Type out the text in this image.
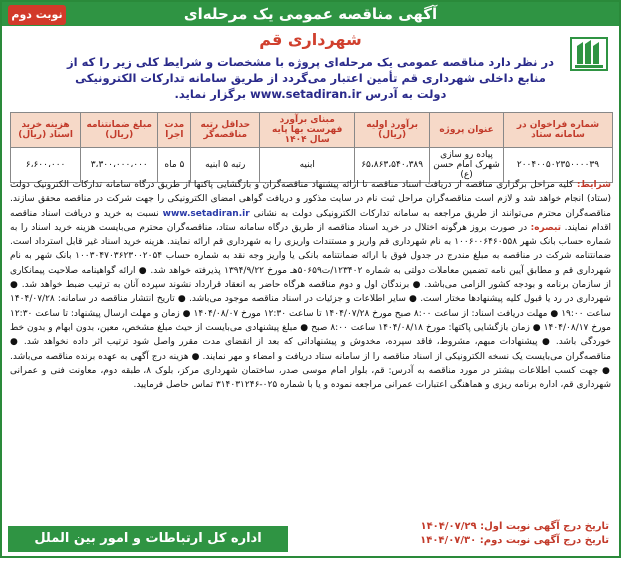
آگهی مناقصه عمومی یک مرحله‌ای
نوبت دوم
شهرداری قم
در نظر دارد مناقصه عمومی یک مرحله‌ای پروژه با مشخصات و شرایط کلی زیر را که از منابع داخلی شهرداری قم تأمین اعتبار می‌گردد از طریق سامانه تدارکات الکترونیکی دولت به آدرس www.setadiran.ir برگزار نماید.
شماره فراخوان در سامانه ستاد	عنوان پروژه	برآورد اولیه (ریال)	مبنای برآورد فهرست بها پایه سال ۱۴۰۴	حداقل رتبه مناقصه‌گر	مدت اجرا	مبلغ ضمانتنامه (ریال)	هزینه خرید اسناد (ریال)
۲۰۰۴۰۰۵۰۲۳۵۰۰۰۰۳۹	پیاده رو سازی شهرک امام حسن (ع)	۶۵،۸۶۳،۵۴۰،۳۸۹	ابنیه	رتبه ۵ ابنیه	۵ ماه	۳،۳۰۰،۰۰۰،۰۰۰	۶،۶۰۰،۰۰۰
شرایط: کلیه مراحل برگزاری مناقصه از دریافت اسناد مناقصه تا ارائه پیشنهاد مناقصه‌گران و بازگشایی پاکتها از طریق درگاه سامانه تدارکات الکترونیک دولت (ستاد) انجام خواهد شد و لازم است مناقصه‌گران مراحل ثبت نام در سایت مذکور و دریافت گواهی امضای الکترونیکی را جهت شرکت در مناقصه محقق سازند. مناقصه‌گران محترم می‌توانند از طریق مراجعه به سامانه تدارکات الکترونیکی دولت به نشانی www.setadiran.ir نسبت به خرید و دریافت اسناد مناقصه اقدام نمایند. تبصره: در صورت بروز هرگونه اختلال در خرید اسناد مناقصه از طریق درگاه سامانه ستاد، مناقصه‌گران محترم می‌بایست هزینه خرید اسناد را به شماره حساب بانک شهر ۱۰۰۶۰۰۶۴۶۰۵۵۸ به نام شهرداری قم واریز و مستندات واریزی را به شهرداری قم ارائه نمایند. هزینه خرید اسناد غیر قابل استرداد است. ضمانتنامه شرکت در مناقصه به مبلغ مندرج در جدول فوق با ارائه ضمانتنامه بانکی یا واریز وجه نقد به شماره حساب ۱۰۰۳۰۴۷۰۳۶۲۳۰۰۲۰۵۴ بانک شهر به نام شهرداری قم و مطابق آیین نامه تضمین معاملات دولتی به شماره ۱۲۳۴۰۲/ت۵۰۶۵۹هـ مورخ ۱۳۹۴/۹/۲۲ پذیرفته خواهد شد. ● ارائه گواهینامه صلاحیت پیمانکاری از سازمان برنامه و بودجه کشور الزامی می‌باشد. ● برندگان اول و دوم مناقصه هرگاه حاضر به انعقاد قرارداد نشوند سپرده آنان به ترتیب ضبط خواهد شد. ● شهرداری در رد یا قبول کلیه پیشنهادها مختار است. ● سایر اطلاعات و جزئیات در اسناد مناقصه موجود می‌باشد. ● تاریخ انتشار مناقصه در سامانه: ۱۴۰۴/۰۷/۲۸ ساعت ۱۹:۰۰ ● مهلت دریافت اسناد: از ساعت ۸:۰۰ صبح مورخ ۱۴۰۴/۰۷/۲۸ تا ساعت ۱۲:۳۰ مورخ ۱۴۰۴/۰۸/۰۷ ● زمان و مهلت ارسال پیشنهاد: تا ساعت ۱۲:۳۰ مورخ ۱۴۰۴/۰۸/۱۷ ● زمان بازگشایی پاکتها: مورخ ۱۴۰۴/۰۸/۱۸ ساعت ۸:۰۰ صبح ● مبلغ پیشنهادی می‌بایست از حیث مبلغ مشخص، معین، بدون ابهام و بدون خط خوردگی باشد. ● پیشنهادات مبهم، مشروط، فاقد سپرده، مخدوش و پیشنهاداتی که بعد از انقضای مدت مقرر واصل شود ترتیب اثر داده نخواهد شد. ● مناقصه‌گران می‌بایست یک نسخه الکترونیکی از اسناد مناقصه را از سامانه ستاد دریافت و امضاء و مهر نمایند. ● هزینه درج آگهی به عهده برنده مناقصه می‌باشد. ● جهت کسب اطلاعات بیشتر در مورد مناقصه به آدرس: قم، بلوار امام موسی صدر، ساختمان شهرداری مرکز، بلوک ۸، طبقه دوم، معاونت فنی و عمرانی شهرداری قم، اداره برنامه ریزی و هماهنگی اعتبارات عمرانی مراجعه نموده و یا با شماره ۰۲۵-۳۱۴۰۳۱۲۴۶ تماس حاصل فرمایید.
تاریخ درج آگهی نوبت اول: ۱۴۰۴/۰۷/۲۹
تاریخ درج آگهی نوبت دوم: ۱۴۰۴/۰۷/۳۰
اداره کل ارتباطات و امور بین الملل شهرداری قم
